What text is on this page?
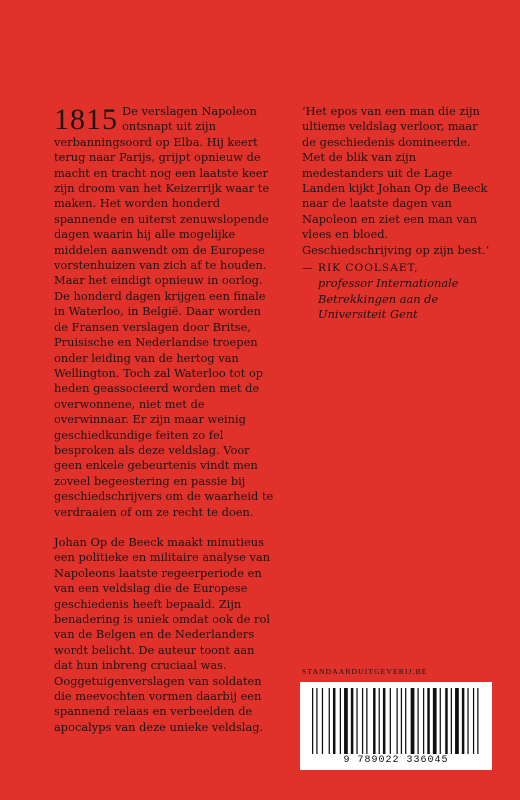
1815 De verslagen Napoleon ontsnapt uit zijn verbanningsoord op Elba. Hij keert terug naar Parijs, grijpt opnieuw de macht en tracht nog een laatste keer zijn droom van het Keizerrijk waar te maken. Het worden honderd spannende en uiterst zenuwslopende dagen waarin hij alle mogelijke middelen aanwendt om de Europese vorstenhuizen van zich af te houden. Maar het eindigt opnieuw in oorlog. De honderd dagen krijgen een finale in Waterloo, in België. Daar worden de Fransen verslagen door Britse, Pruisische en Nederlandse troepen onder leiding van de hertog van Wellington. Toch zal Waterloo tot op heden geassocieerd worden met de overwonnene, niet met de overwinnaar. Er zijn maar weinig geschiedkundige feiten zo fel besproken als deze veldslag. Voor geen enkele gebeurtenis vindt men zoveel begeestering en passie bij geschiedschrijvers om de waarheid te verdraaien of om ze recht te doen.

Johan Op de Beeck maakt minutieus een politieke en militaire analyse van Napoleons laatste regeerperiode en van een veldslag die de Europese geschiedenis heeft bepaald. Zijn benadering is uniek omdat ook de rol van de Belgen en de Nederlanders wordt belicht. De auteur toont aan dat hun inbreng cruciaal was. Ooggetuigenverslagen van soldaten die meevochten vormen daarbij een spannend relaas en verbeelden de apocalyps van deze unieke veldslag.

‘Het epos van een man die zijn ultieme veldslag verloor, maar de geschiedenis domineerde. Met de blik van zijn medestanders uit de Lage Landen kijkt Johan Op de Beeck naar de laatste dagen van Napoleon en ziet een man van vlees en bloed. Geschiedschrijving op zijn best.’

— RIK COOLSAET,
professor Internationale Betrekkingen aan de Universiteit Gent

STANDAARDUITGEVERIJ.BE
9 789022 336045
